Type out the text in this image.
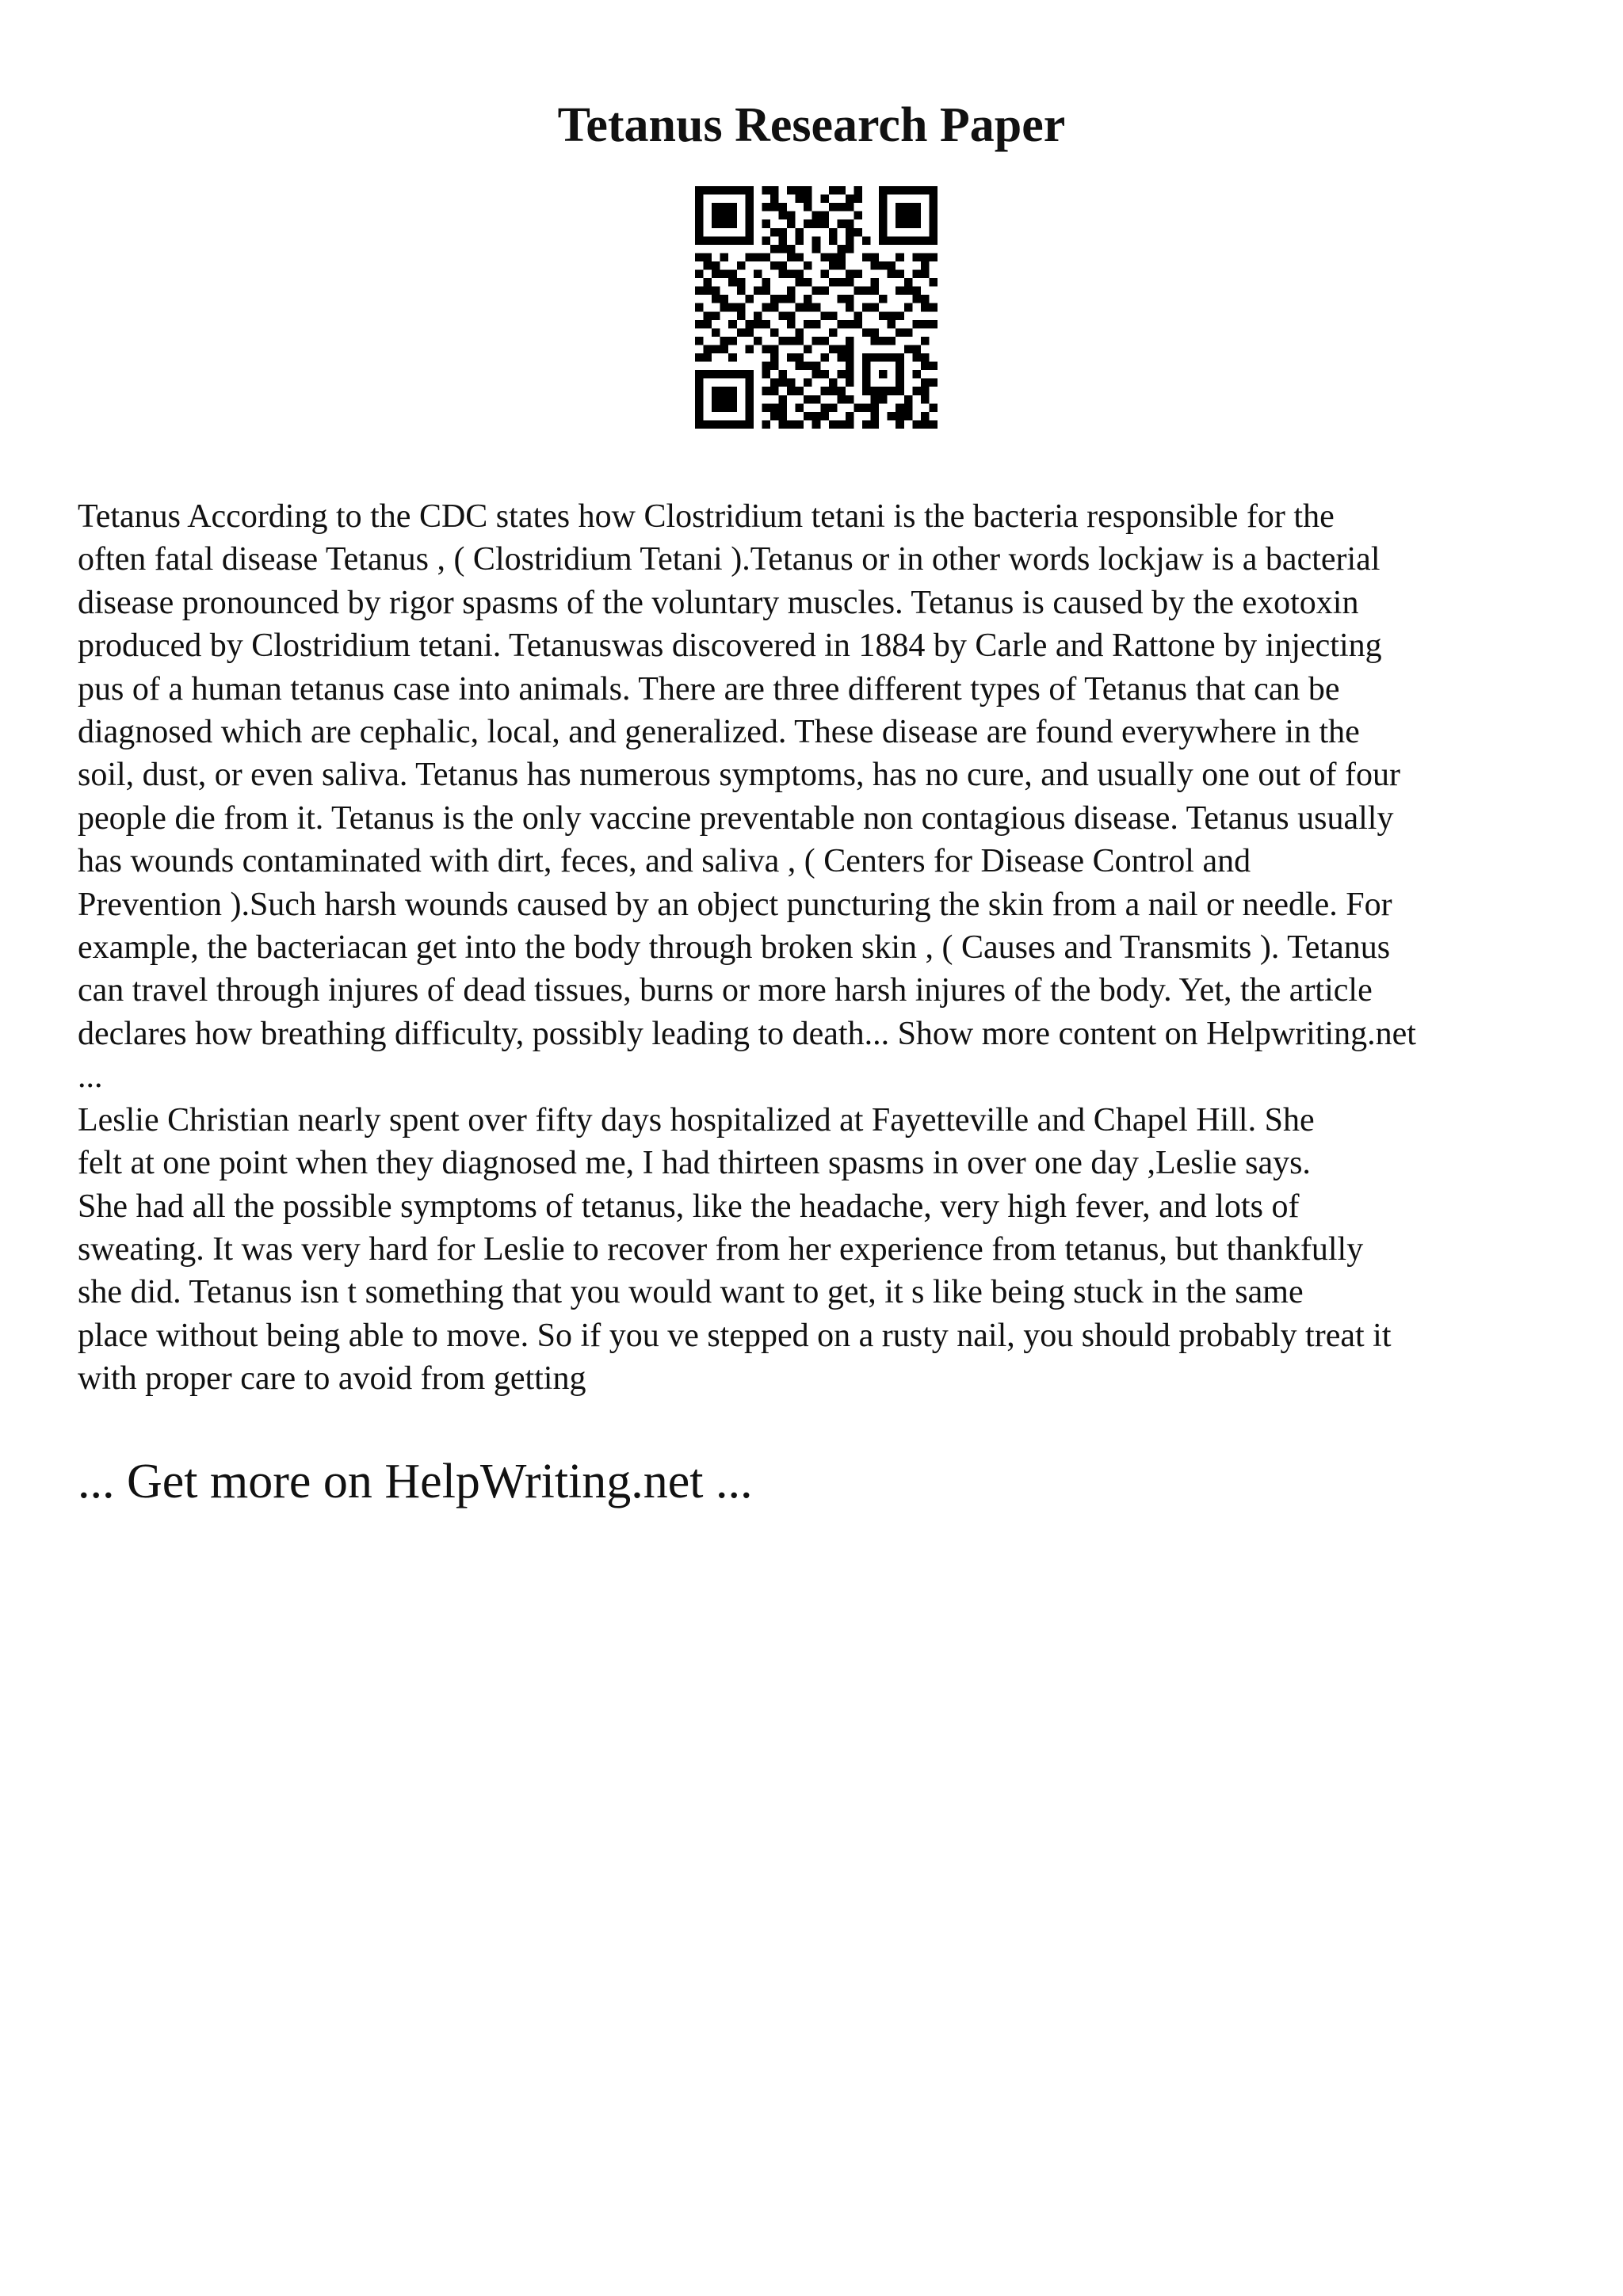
Tetanus Research Paper
Tetanus According to the CDC states how Clostridium tetani is the bacteria responsible for the
often fatal disease Tetanus , ( Clostridium Tetani ).Tetanus or in other words lockjaw is a bacterial
disease pronounced by rigor spasms of the voluntary muscles. Tetanus is caused by the exotoxin
produced by Clostridium tetani. Tetanuswas discovered in 1884 by Carle and Rattone by injecting
pus of a human tetanus case into animals. There are three different types of Tetanus that can be
diagnosed which are cephalic, local, and generalized. These disease are found everywhere in the
soil, dust, or even saliva. Tetanus has numerous symptoms, has no cure, and usually one out of four
people die from it. Tetanus is the only vaccine preventable non contagious disease. Tetanus usually
has wounds contaminated with dirt, feces, and saliva , ( Centers for Disease Control and
Prevention ).Such harsh wounds caused by an object puncturing the skin from a nail or needle. For
example, the bacteriacan get into the body through broken skin , ( Causes and Transmits ). Tetanus
can travel through injures of dead tissues, burns or more harsh injures of the body. Yet, the article
declares how breathing difficulty, possibly leading to death... Show more content on Helpwriting.net
...
Leslie Christian nearly spent over fifty days hospitalized at Fayetteville and Chapel Hill. She
felt at one point when they diagnosed me, I had thirteen spasms in over one day ,Leslie says.
She had all the possible symptoms of tetanus, like the headache, very high fever, and lots of
sweating. It was very hard for Leslie to recover from her experience from tetanus, but thankfully
she did. Tetanus isn t something that you would want to get, it s like being stuck in the same
place without being able to move. So if you ve stepped on a rusty nail, you should probably treat it
with proper care to avoid from getting
... Get more on HelpWriting.net ...
